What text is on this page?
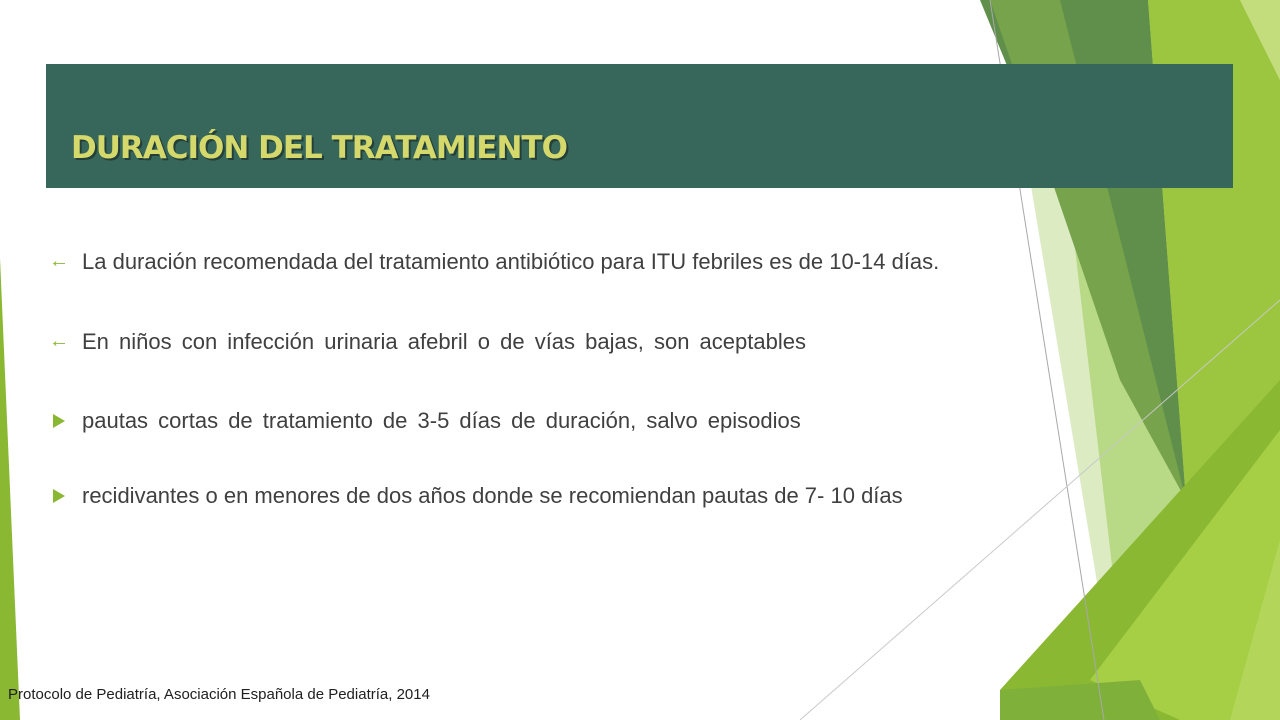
DURACIÓN DEL TRATAMIENTO
← La duración recomendada del tratamiento antibiótico para ITU febriles es de 10-14 días.
← En niños con infección urinaria afebril o de vías bajas, son aceptables
pautas cortas de tratamiento de 3-5 días de duración, salvo episodios
recidivantes o en menores de dos años donde se recomiendan pautas de 7- 10 días

Protocolo de Pediatría, Asociación Española de Pediatría, 2014
